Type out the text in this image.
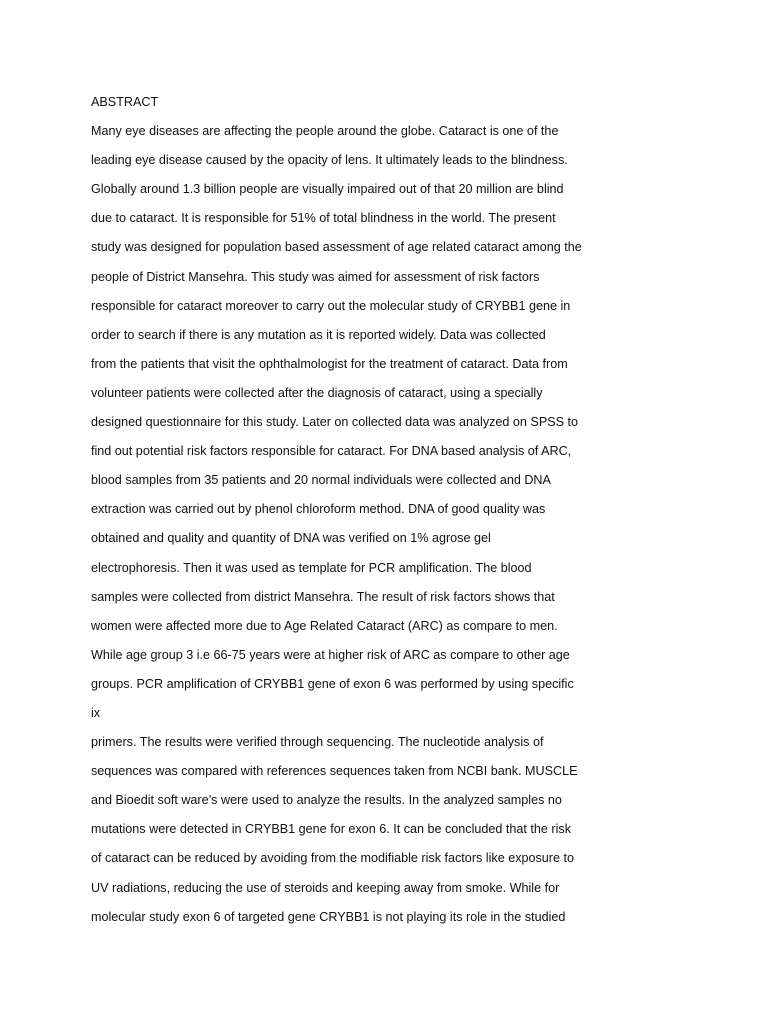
ABSTRACT
Many eye diseases are affecting the people around the globe. Cataract is one of the
leading eye disease caused by the opacity of lens. It ultimately leads to the blindness.
Globally around 1.3 billion people are visually impaired out of that 20 million are blind
due to cataract. It is responsible for 51% of total blindness in the world. The present
study was designed for population based assessment of age related cataract among the
people of District Mansehra. This study was aimed for assessment of risk factors
responsible for cataract moreover to carry out the molecular study of CRYBB1 gene in
order to search if there is any mutation as it is reported widely. Data was collected
from the patients that visit the ophthalmologist for the treatment of cataract. Data from
volunteer patients were collected after the diagnosis of cataract, using a specially
designed questionnaire for this study. Later on collected data was analyzed on SPSS to
find out potential risk factors responsible for cataract. For DNA based analysis of ARC,
blood samples from 35 patients and 20 normal individuals were collected and DNA
extraction was carried out by phenol chloroform method. DNA of good quality was
obtained and quality and quantity of DNA was verified on 1% agrose gel
electrophoresis. Then it was used as template for PCR amplification. The blood
samples were collected from district Mansehra. The result of risk factors shows that
women were affected more due to Age Related Cataract (ARC) as compare to men.
While age group 3 i.e 66-75 years were at higher risk of ARC as compare to other age
groups. PCR amplification of CRYBB1 gene of exon 6 was performed by using specific
ix
primers. The results were verified through sequencing. The nucleotide analysis of
sequences was compared with references sequences taken from NCBI bank. MUSCLE
and Bioedit soft ware’s were used to analyze the results. In the analyzed samples no
mutations were detected in CRYBB1 gene for exon 6. It can be concluded that the risk
of cataract can be reduced by avoiding from the modifiable risk factors like exposure to
UV radiations, reducing the use of steroids and keeping away from smoke. While for
molecular study exon 6 of targeted gene CRYBB1 is not playing its role in the studied
